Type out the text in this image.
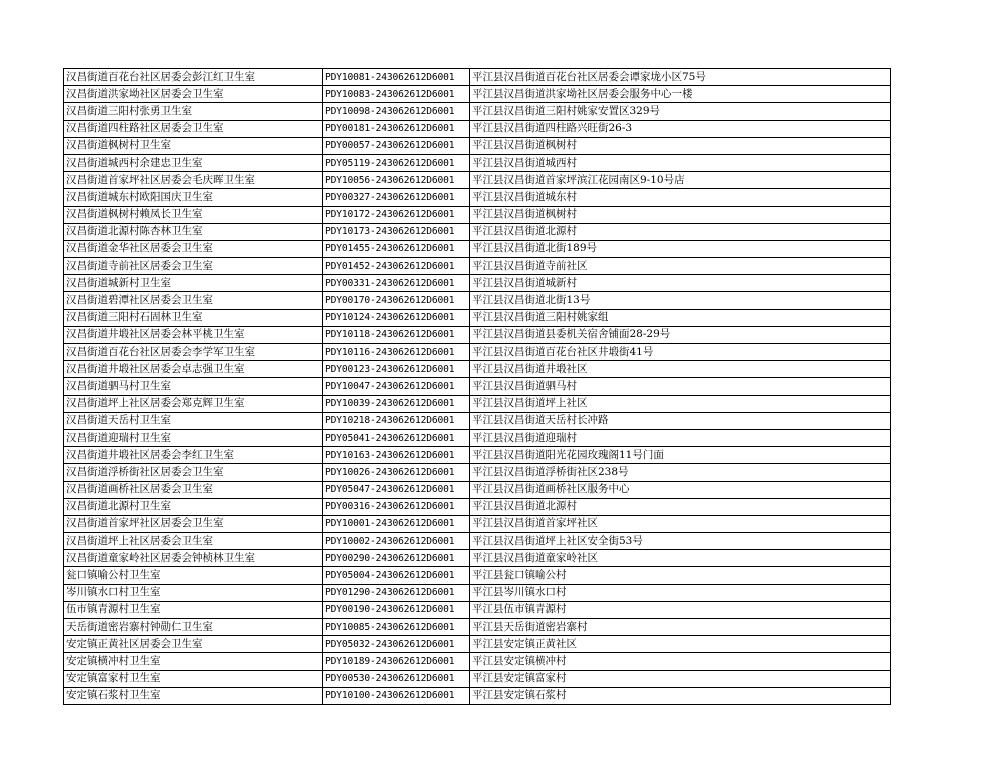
汉昌街道百花台社区居委会彭江红卫生室	PDY10081-243062612D6001	平江县汉昌街道百花台社区居委会谭家垅小区75号
汉昌街道洪家坳社区居委会卫生室	PDY10083-243062612D6001	平江县汉昌街道洪家坳社区居委会服务中心一楼
汉昌街道三阳村张勇卫生室	PDY10098-243062612D6001	平江县汉昌街道三阳村姚家安置区329号
汉昌街道四柱路社区居委会卫生室	PDY00181-243062612D6001	平江县汉昌街道四柱路兴旺街26-3
汉昌街道枫树村卫生室	PDY00057-243062612D6001	平江县汉昌街道枫树村
汉昌街道城西村余建忠卫生室	PDY05119-243062612D6001	平江县汉昌街道城西村
汉昌街道首家坪社区居委会毛庆晖卫生室	PDY10056-243062612D6001	平江县汉昌街道首家坪滨江花园南区9-10号店
汉昌街道城东村欧阳国庆卫生室	PDY00327-243062612D6001	平江县汉昌街道城东村
汉昌街道枫树村赖凤长卫生室	PDY10172-243062612D6001	平江县汉昌街道枫树村
汉昌街道北源村陈杏林卫生室	PDY10173-243062612D6001	平江县汉昌街道北源村
汉昌街道金华社区居委会卫生室	PDY01455-243062612D6001	平江县汉昌街道北街189号
汉昌街道寺前社区居委会卫生室	PDY01452-243062612D6001	平江县汉昌街道寺前社区
汉昌街道城新村卫生室	PDY00331-243062612D6001	平江县汉昌街道城新村
汉昌街道碧潭社区居委会卫生室	PDY00170-243062612D6001	平江县汉昌街道北街13号
汉昌街道三阳村石固林卫生室	PDY10124-243062612D6001	平江县汉昌街道三阳村姚家组
汉昌街道井塅社区居委会林平桃卫生室	PDY10118-243062612D6001	平江县汉昌街道县委机关宿舍铺面28-29号
汉昌街道百花台社区居委会李学军卫生室	PDY10116-243062612D6001	平江县汉昌街道百花台社区井塅街41号
汉昌街道井塅社区居委会卓志强卫生室	PDY00123-243062612D6001	平江县汉昌街道井塅社区
汉昌街道驷马村卫生室	PDY10047-243062612D6001	平江县汉昌街道驷马村
汉昌街道坪上社区居委会郑克辉卫生室	PDY10039-243062612D6001	平江县汉昌街道坪上社区
汉昌街道天岳村卫生室	PDY10218-243062612D6001	平江县汉昌街道天岳村长冲路
汉昌街道迎瑞村卫生室	PDY05041-243062612D6001	平江县汉昌街道迎瑞村
汉昌街道井塅社区居委会李红卫生室	PDY10163-243062612D6001	平江县汉昌街道阳光花园玫瑰阁11号门面
汉昌街道浮桥街社区居委会卫生室	PDY10026-243062612D6001	平江县汉昌街道浮桥街社区238号
汉昌街道画桥社区居委会卫生室	PDY05047-243062612D6001	平江县汉昌街道画桥社区服务中心
汉昌街道北源村卫生室	PDY00316-243062612D6001	平江县汉昌街道北源村
汉昌街道首家坪社区居委会卫生室	PDY10001-243062612D6001	平江县汉昌街道首家坪社区
汉昌街道坪上社区居委会卫生室	PDY10002-243062612D6001	平江县汉昌街道坪上社区安全街53号
汉昌街道童家岭社区居委会钟桢林卫生室	PDY00290-243062612D6001	平江县汉昌街道童家岭社区
瓮口镇喻公村卫生室	PDY05004-243062612D6001	平江县瓮口镇喻公村
岑川镇水口村卫生室	PDY01290-243062612D6001	平江县岑川镇水口村
伍市镇青源村卫生室	PDY00190-243062612D6001	平江县伍市镇青源村
天岳街道密岩寨村钟勋仁卫生室	PDY10085-243062612D6001	平江县天岳街道密岩寨村
安定镇正黄社区居委会卫生室	PDY05032-243062612D6001	平江县安定镇正黄社区
安定镇横冲村卫生室	PDY10189-243062612D6001	平江县安定镇横冲村
安定镇富家村卫生室	PDY00530-243062612D6001	平江县安定镇富家村
安定镇石浆村卫生室	PDY10100-243062612D6001	平江县安定镇石浆村
